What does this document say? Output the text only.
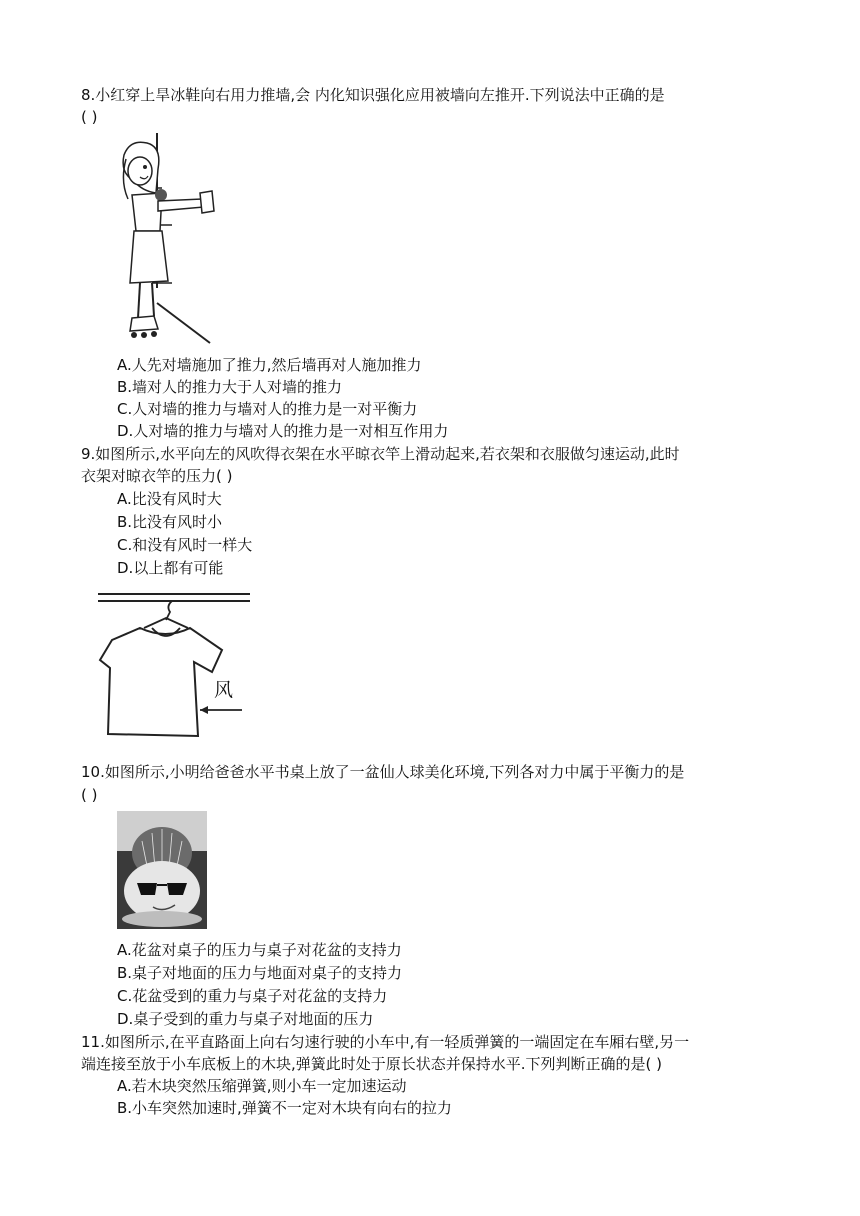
8.小红穿上旱冰鞋向右用力推墙,会 内化知识强化应用被墙向左推开.下列说法中正确的是
( )
A.人先对墙施加了推力,然后墙再对人施加推力
B.墙对人的推力大于人对墙的推力
C.人对墙的推力与墙对人的推力是一对平衡力
D.人对墙的推力与墙对人的推力是一对相互作用力
9.如图所示,水平向左的风吹得衣架在水平晾衣竿上滑动起来,若衣架和衣服做匀速运动,此时
衣架对晾衣竿的压力( )
A.比没有风时大
B.比没有风时小
C.和没有风时一样大
D.以上都有可能
风
10.如图所示,小明给爸爸水平书桌上放了一盆仙人球美化环境,下列各对力中属于平衡力的是
( )
A.花盆对桌子的压力与桌子对花盆的支持力
B.桌子对地面的压力与地面对桌子的支持力
C.花盆受到的重力与桌子对花盆的支持力
D.桌子受到的重力与桌子对地面的压力
11.如图所示,在平直路面上向右匀速行驶的小车中,有一轻质弹簧的一端固定在车厢右壁,另一
端连接至放于小车底板上的木块,弹簧此时处于原长状态并保持水平.下列判断正确的是( )
A.若木块突然压缩弹簧,则小车一定加速运动
B.小车突然加速时,弹簧不一定对木块有向右的拉力
